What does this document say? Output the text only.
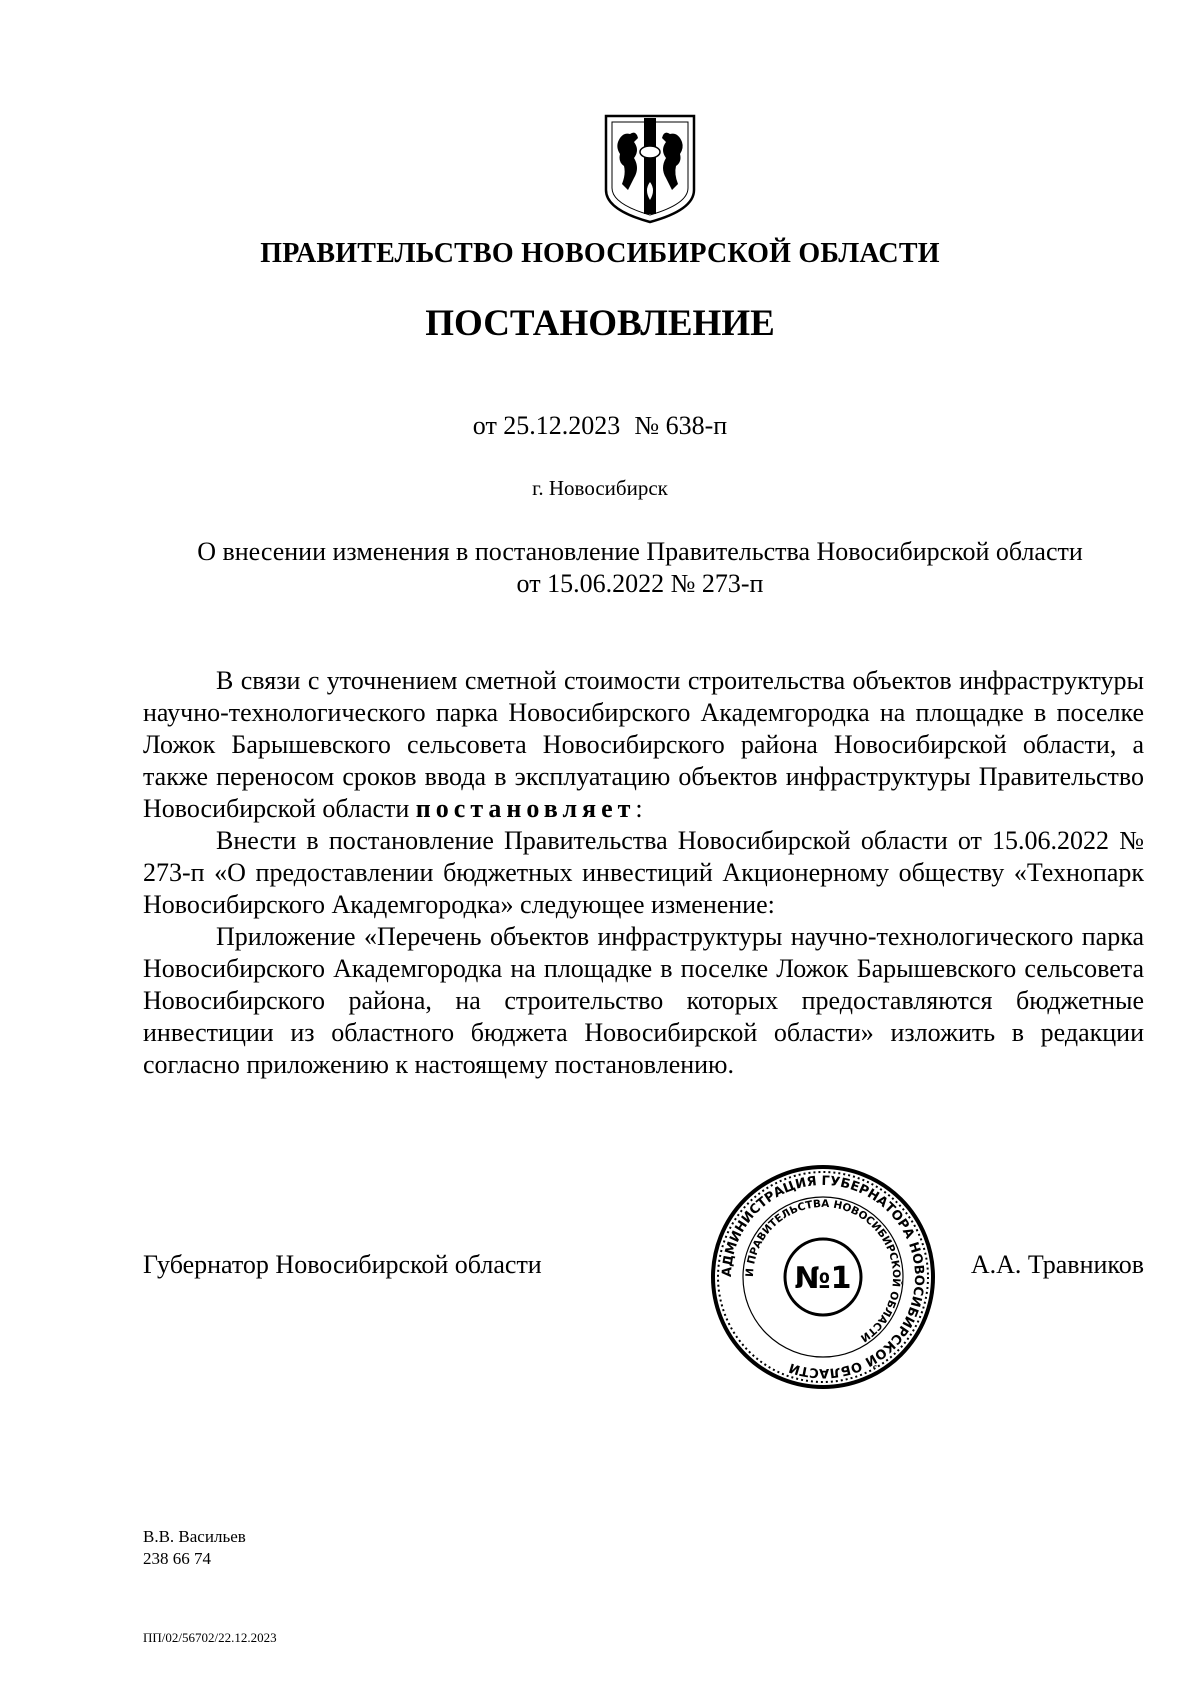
ПРАВИТЕЛЬСТВО НОВОСИБИРСКОЙ ОБЛАСТИ
ПОСТАНОВЛЕНИЕ
от 25.12.2023 № 638-п
г. Новосибирск
О внесении изменения в постановление Правительства Новосибирской области
от 15.06.2022 № 273-п

В связи с уточнением сметной стоимости строительства объектов инфраструктуры научно-технологического парка Новосибирского Академгородка на площадке в поселке Ложок Барышевского сельсовета Новосибирского района Новосибирской области, а также переносом сроков ввода в эксплуатацию объектов инфраструктуры Правительство Новосибирской области постановляет:

Внести в постановление Правительства Новосибирской области от 15.06.2022 № 273-п «О предоставлении бюджетных инвестиций Акционерному обществу «Технопарк Новосибирского Академгородка» следующее изменение:

Приложение «Перечень объектов инфраструктуры научно-технологического парка Новосибирского Академгородка на площадке в поселке Ложок Барышевского сельсовета Новосибирского района, на строительство которых предоставляются бюджетные инвестиции из областного бюджета Новосибирской области» изложить в редакции согласно приложению к настоящему постановлению.

Губернатор Новосибирской области	АДМИНИСТРАЦИЯ ГУБЕРНАТОРА НОВОСИБИРСКОЙ ОБЛАСТИ
И ПРАВИТЕЛЬСТВА НОВОСИБИРСКОЙ ОБЛАСТИ
№1	А.А. Травников
В.В. Васильев
238 66 74
ПП/02/56702/22.12.2023
